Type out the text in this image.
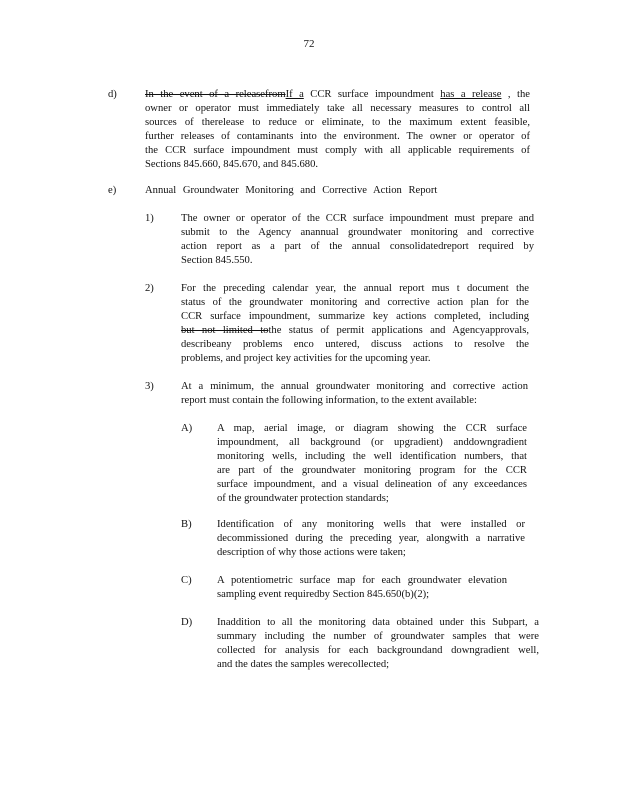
72
d)	In the event of a releasefromIf a CCR surface impoundment has a release , the
owner or operator must immediately take all necessary measures to control all
sources of therelease to reduce or eliminate, to the maximum extent feasible,
further releases of contaminants into the environment. The owner or operator of
the CCR surface impoundment must comply with all applicable requirements of
Sections 845.660, 845.670, and 845.680.
e)	Annual Groundwater Monitoring and Corrective Action Report
1)	The owner or operator of the CCR surface impoundment must prepare and
submit to the Agency anannual groundwater monitoring and corrective
action report as a part of the annual consolidatedreport required by
Section 845.550.
2)	For the preceding calendar year, the annual report mus t document the
status of the groundwater monitoring and corrective action plan for the
CCR surface impoundment, summarize key actions completed, including
but not limited tothe status of permit applications and Agencyapprovals,
describeany problems enco untered, discuss actions to resolve the
problems, and project key activities for the upcoming year.
3)	At a minimum, the annual groundwater monitoring and corrective action
report must contain the following information, to the extent available:
A) A map, aerial image, or diagram showing the CCR surface
impoundment, all background (or upgradient) anddowngradient
monitoring wells, including the well identification numbers, that
are part of the groundwater monitoring program for the CCR
surface impoundment, and a visual delineation of any exceedances
of the groundwater protection standards;
B) Identification of any monitoring wells that were installed or
decommissioned during the preceding year, alongwith a narrative
description of why those actions were taken;
C) A potentiometric surface map for each groundwater elevation
sampling event requiredby Section 845.650(b)(2);
D) Inaddition to all the monitoring data obtained under this Subpart, a
summary including the number of groundwater samples that were
collected for analysis for each backgroundand downgradient well,
and the dates the samples werecollected;
